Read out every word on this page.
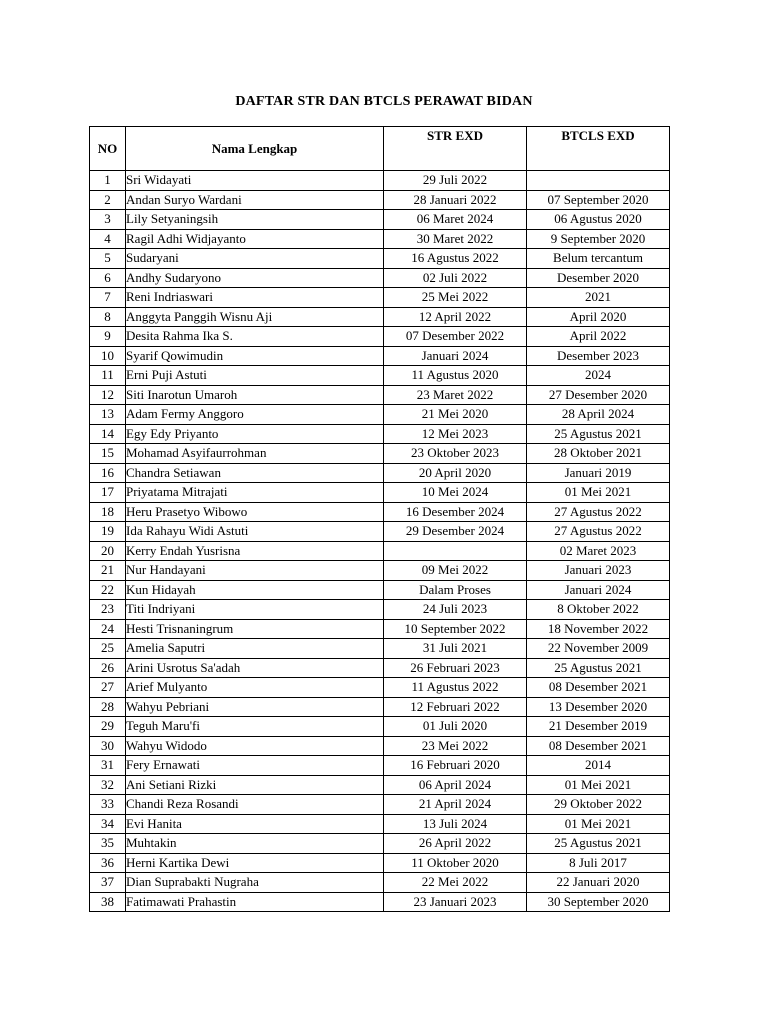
DAFTAR STR DAN BTCLS PERAWAT BIDAN
NO	Nama Lengkap	STR EXD	BTCLS EXD
1	Sri Widayati	29 Juli 2022	
2	Andan Suryo Wardani	28 Januari 2022	07 September 2020
3	Lily Setyaningsih	06 Maret 2024	06 Agustus 2020
4	Ragil Adhi Widjayanto	30 Maret 2022	9 September 2020
5	Sudaryani	16 Agustus 2022	Belum tercantum
6	Andhy Sudaryono	02 Juli 2022	Desember 2020
7	Reni Indriaswari	25 Mei 2022	2021
8	Anggyta Panggih Wisnu Aji	12 April 2022	April 2020
9	Desita Rahma Ika S.	07 Desember 2022	April 2022
10	Syarif Qowimudin	Januari 2024	Desember 2023
11	Erni Puji Astuti	11 Agustus 2020	2024
12	Siti Inarotun Umaroh	23 Maret 2022	27 Desember 2020
13	Adam Fermy Anggoro	21 Mei 2020	28 April 2024
14	Egy Edy Priyanto	12 Mei 2023	25 Agustus 2021
15	Mohamad Asyifaurrohman	23 Oktober 2023	28 Oktober 2021
16	Chandra Setiawan	20 April 2020	Januari 2019
17	Priyatama Mitrajati	10 Mei 2024	01 Mei 2021
18	Heru Prasetyo Wibowo	16 Desember 2024	27 Agustus 2022
19	Ida Rahayu Widi Astuti	29 Desember 2024	27 Agustus 2022
20	Kerry Endah Yusrisna		02 Maret 2023
21	Nur Handayani	09 Mei 2022	Januari 2023
22	Kun Hidayah	Dalam Proses	Januari 2024
23	Titi Indriyani	24 Juli 2023	8 Oktober 2022
24	Hesti Trisnaningrum	10 September 2022	18 November 2022
25	Amelia Saputri	31 Juli 2021	22 November 2009
26	Arini Usrotus Sa'adah	26 Februari 2023	25 Agustus 2021
27	Arief Mulyanto	11 Agustus 2022	08 Desember 2021
28	Wahyu Pebriani	12 Februari 2022	13 Desember 2020
29	Teguh Maru'fi	01 Juli 2020	21 Desember 2019
30	Wahyu Widodo	23 Mei 2022	08 Desember 2021
31	Fery Ernawati	16 Februari 2020	2014
32	Ani Setiani Rizki	06 April 2024	01 Mei 2021
33	Chandi Reza Rosandi	21 April 2024	29 Oktober 2022
34	Evi Hanita	13 Juli 2024	01 Mei 2021
35	Muhtakin	26 April 2022	25 Agustus 2021
36	Herni Kartika Dewi	11 Oktober 2020	8 Juli 2017
37	Dian Suprabakti Nugraha	22 Mei 2022	22 Januari 2020
38	Fatimawati Prahastin	23 Januari 2023	30 September 2020
